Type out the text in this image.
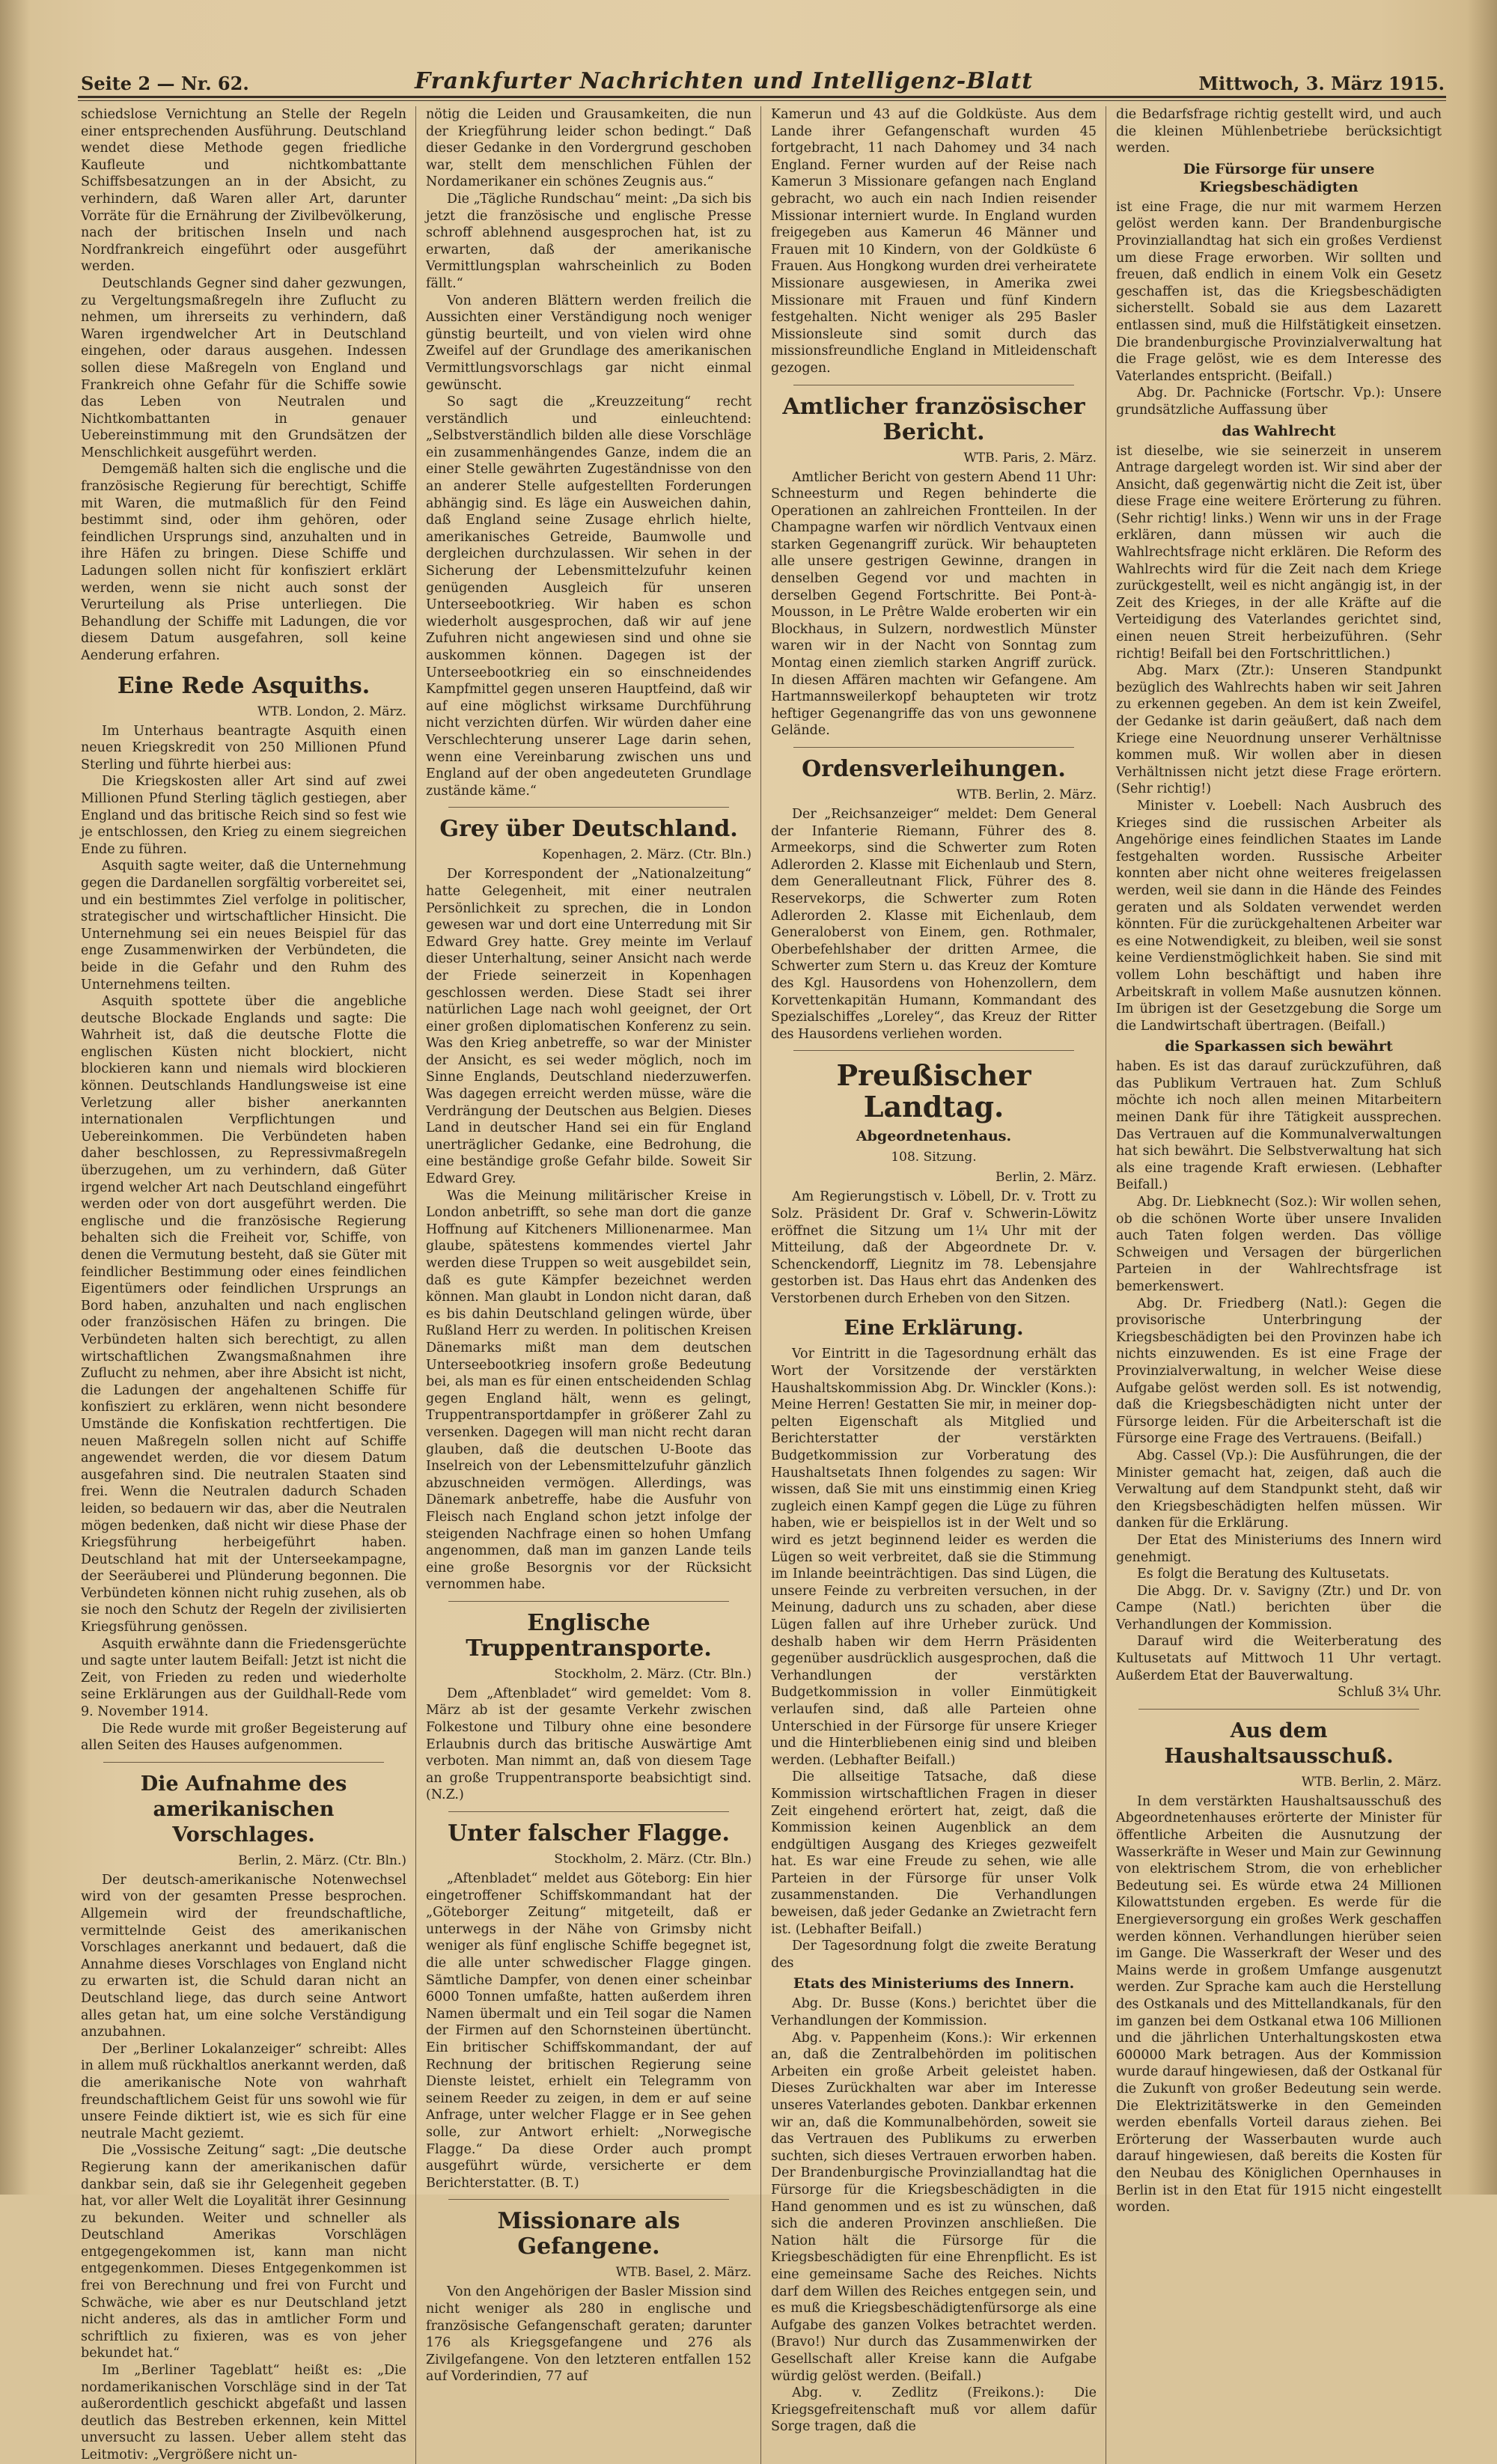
Seite 2 — Nr. 62.	Frankfurter Nachrichten und Intelligenz-Blatt	Mittwoch, 3. März 1915.

schiedslose Vernichtung an Stelle der Regeln einer entsprechenden Ausführung. Deutschland wendet diese Methode gegen friedliche Kaufleute und nichtkombattante Schiffsbesatzungen an in der Absicht, zu verhindern, daß Waren aller Art, darunter Vorräte für die Ernährung der Zivilbevölkerung, nach der britischen Inseln und nach Nordfrankreich eingeführt oder ausgeführt werden.

Deutschlands Gegner sind daher gezwungen, zu Vergeltungsmaßregeln ihre Zuflucht zu nehmen, um ihrerseits zu verhindern, daß Waren irgendwelcher Art in Deutschland eingehen, oder daraus ausgehen. Indessen sollen diese Maßregeln von England und Frankreich ohne Gefahr für die Schiffe sowie das Leben von Neutralen und Nichtkombattanten in genauer Uebereinstimmung mit den Grundsätzen der Menschlichkeit ausgeführt werden.

Demgemäß halten sich die englische und die französische Regierung für berechtigt, Schiffe mit Waren, die mutmaßlich für den Feind bestimmt sind, oder ihm gehören, oder feindlichen Ursprungs sind, anzuhalten und in ihre Häfen zu bringen. Diese Schiffe und Ladungen sollen nicht für konfisziert erklärt werden, wenn sie nicht auch sonst der Verurteilung als Prise unterliegen. Die Behandlung der Schiffe mit Ladungen, die vor diesem Datum ausgefahren, soll keine Aenderung erfahren.

Eine Rede Asquiths.
WTB. London, 2. März.

Im Unterhaus beantragte Asquith einen neuen Kriegskredit von 250 Millionen Pfund Sterling und führte hierbei aus:

Die Kriegskosten aller Art sind auf zwei Millionen Pfund Sterling täglich gestiegen, aber England und das britische Reich sind so fest wie je entschlossen, den Krieg zu einem siegreichen Ende zu führen.

Asquith sagte weiter, daß die Unternehmung gegen die Dardanellen sorgfältig vorbereitet sei, und ein bestimmtes Ziel verfolge in politischer, strategischer und wirtschaftlicher Hinsicht. Die Unternehmung sei ein neues Beispiel für das enge Zusammenwirken der Verbündeten, die beide in die Gefahr und den Ruhm des Unternehmens teilten.

Asquith spottete über die angebliche deutsche Blockade Englands und sagte: Die Wahrheit ist, daß die deutsche Flotte die englischen Küsten nicht blockiert, nicht blockieren kann und niemals wird blockieren können. Deutschlands Handlungsweise ist eine Verletzung aller bisher anerkannten internationalen Verpflichtungen und Uebereinkommen. Die Verbündeten haben daher beschlossen, zu Repressivmaßregeln überzugehen, um zu verhindern, daß Güter irgend welcher Art nach Deutschland eingeführt werden oder von dort ausgeführt werden. Die englische und die französische Regierung behalten sich die Freiheit vor, Schiffe, von denen die Vermutung besteht, daß sie Güter mit feindlicher Bestimmung oder eines feindlichen Eigentümers oder feindlichen Ursprungs an Bord haben, anzuhalten und nach englischen oder französischen Häfen zu bringen. Die Verbündeten halten sich berechtigt, zu allen wirtschaftlichen Zwangsmaßnahmen ihre Zuflucht zu nehmen, aber ihre Absicht ist nicht, die Ladungen der angehaltenen Schiffe für konfisziert zu erklären, wenn nicht besondere Umstände die Konfiskation rechtfertigen. Die neuen Maßregeln sollen nicht auf Schiffe angewendet werden, die vor diesem Datum ausgefahren sind. Die neutralen Staaten sind frei. Wenn die Neutralen dadurch Schaden leiden, so bedauern wir das, aber die Neutralen mögen bedenken, daß nicht wir diese Phase der Kriegsführung herbeigeführt haben. Deutschland hat mit der Unterseekampagne, der Seeräuberei und Plünderung begonnen. Die Verbündeten können nicht ruhig zusehen, als ob sie noch den Schutz der Regeln der zivilisierten Kriegsführung genössen.

Asquith erwähnte dann die Friedensgerüchte und sagte unter lautem Beifall: Jetzt ist nicht die Zeit, von Frieden zu reden und wiederholte seine Erklärungen aus der Guildhall-Rede vom 9. November 1914.

Die Rede wurde mit großer Begeisterung auf allen Seiten des Hauses aufgenommen.

Die Aufnahme des amerikanischen Vorschlages.
Berlin, 2. März. (Ctr. Bln.)

Der deutsch-amerikanische Notenwechsel wird von der gesamten Presse besprochen. Allgemein wird der freundschaftliche, vermittelnde Geist des amerikanischen Vorschlages anerkannt und bedauert, daß die Annahme dieses Vorschlages von England nicht zu erwarten ist, die Schuld daran nicht an Deutschland liege, das durch seine Antwort alles getan hat, um eine solche Verständigung anzubahnen.

Der „Berliner Lokalanzeiger“ schreibt: Alles in allem muß rückhaltlos anerkannt werden, daß die amerikanische Note von wahrhaft freundschaftlichem Geist für uns sowohl wie für unsere Feinde diktiert ist, wie es sich für eine neutrale Macht geziemt.

Die „Vossische Zeitung“ sagt: „Die deutsche Regierung kann der amerikanischen dafür dankbar sein, daß sie ihr Gelegenheit gegeben hat, vor aller Welt die Loyalität ihrer Gesinnung zu bekunden. Weiter und schneller als Deutschland Amerikas Vorschlägen entgegengekommen ist, kann man nicht entgegenkommen. Dieses Entgegenkommen ist frei von Berechnung und frei von Furcht und Schwäche, wie aber es nur Deutschland jetzt nicht anderes, als das in amtlicher Form und schriftlich zu fixieren, was es von jeher bekundet hat.“

Im „Berliner Tageblatt“ heißt es: „Die nordamerikanischen Vorschläge sind in der Tat außerordentlich geschickt abgefaßt und lassen deutlich das Bestreben erkennen, kein Mittel unversucht zu lassen. Ueber allem steht das Leitmotiv: „Vergrößere nicht un-

nötig die Leiden und Grausamkeiten, die nun der Kriegführung leider schon bedingt.“ Daß dieser Gedanke in den Vordergrund geschoben war, stellt dem menschlichen Fühlen der Nordamerikaner ein schönes Zeugnis aus.“

Die „Tägliche Rundschau“ meint: „Da sich bis jetzt die französische und englische Presse schroff ablehnend ausgesprochen hat, ist zu erwarten, daß der amerikanische Vermittlungsplan wahrscheinlich zu Boden fällt.“

Von anderen Blättern werden freilich die Aussichten einer Verständigung noch weniger günstig beurteilt, und von vielen wird ohne Zweifel auf der Grundlage des amerikanischen Vermittlungsvorschlags gar nicht einmal gewünscht.

So sagt die „Kreuzzeitung“ recht verständlich und einleuchtend: „Selbstverständlich bilden alle diese Vorschläge ein zusammenhängendes Ganze, indem die an einer Stelle gewährten Zugeständnisse von den an anderer Stelle aufgestellten Forderungen abhängig sind. Es läge ein Ausweichen dahin, daß England seine Zusage ehrlich hielte, amerikanisches Getreide, Baumwolle und dergleichen durchzulassen. Wir sehen in der Sicherung der Lebensmittelzufuhr keinen genügenden Ausgleich für unseren Unterseebootkrieg. Wir haben es schon wiederholt ausgesprochen, daß wir auf jene Zufuhren nicht angewiesen sind und ohne sie auskommen können. Dagegen ist der Unterseebootkrieg ein so einschneidendes Kampfmittel gegen unseren Hauptfeind, daß wir auf eine möglichst wirksame Durchführung nicht verzichten dürfen. Wir würden daher eine Verschlechterung unserer Lage darin sehen, wenn eine Vereinbarung zwischen uns und England auf der oben angedeuteten Grundlage zustände käme.“

Grey über Deutschland.
Kopenhagen, 2. März. (Ctr. Bln.)

Der Korrespondent der „Nationalzeitung“ hatte Gelegenheit, mit einer neutralen Persönlichkeit zu sprechen, die in London gewesen war und dort eine Unterredung mit Sir Edward Grey hatte. Grey meinte im Verlauf dieser Unterhaltung, seiner Ansicht nach werde der Friede seinerzeit in Kopenhagen geschlossen werden. Diese Stadt sei ihrer natürlichen Lage nach wohl geeignet, der Ort einer großen diplomatischen Konferenz zu sein. Was den Krieg anbetreffe, so war der Minister der Ansicht, es sei weder möglich, noch im Sinne Englands, Deutschland niederzuwerfen. Was dagegen erreicht werden müsse, wäre die Verdrängung der Deutschen aus Belgien. Dieses Land in deutscher Hand sei ein für England unerträglicher Gedanke, eine Bedrohung, die eine beständige große Gefahr bilde. Soweit Sir Edward Grey.

Was die Meinung militärischer Kreise in London anbetrifft, so sehe man dort die ganze Hoffnung auf Kitcheners Millionenarmee. Man glaube, spätestens kommendes viertel Jahr werden diese Truppen so weit ausgebildet sein, daß es gute Kämpfer bezeichnet werden können. Man glaubt in London nicht daran, daß es bis dahin Deutschland gelingen würde, über Rußland Herr zu werden. In politischen Kreisen Dänemarks mißt man dem deutschen Unterseebootkrieg insofern große Bedeutung bei, als man es für einen entscheidenden Schlag gegen England hält, wenn es gelingt, Truppentransportdampfer in größerer Zahl zu versenken. Dagegen will man nicht recht daran glauben, daß die deutschen U-Boote das Inselreich von der Lebensmittelzufuhr gänzlich abzuschneiden vermögen. Allerdings, was Dänemark anbetreffe, habe die Ausfuhr von Fleisch nach England schon jetzt infolge der steigenden Nachfrage einen so hohen Umfang angenommen, daß man im ganzen Lande teils eine große Besorgnis vor der Rücksicht vernommen habe.

Englische Truppentransporte.
Stockholm, 2. März. (Ctr. Bln.)

Dem „Aftenbladet“ wird gemeldet: Vom 8. März ab ist der gesamte Verkehr zwischen Folkestone und Tilbury ohne eine besondere Erlaubnis durch das britische Auswärtige Amt verboten. Man nimmt an, daß von diesem Tage an große Truppentransporte beabsichtigt sind. (N.Z.)

Unter falscher Flagge.
Stockholm, 2. März. (Ctr. Bln.)

„Aftenbladet“ meldet aus Göteborg: Ein hier eingetroffener Schiffskommandant hat der „Göteborger Zeitung“ mitgeteilt, daß er unterwegs in der Nähe von Grimsby nicht weniger als fünf englische Schiffe begegnet ist, die alle unter schwedischer Flagge gingen. Sämtliche Dampfer, von denen einer scheinbar 6000 Tonnen umfaßte, hatten außerdem ihren Namen übermalt und ein Teil sogar die Namen der Firmen auf den Schornsteinen übertüncht. Ein britischer Schiffskommandant, der auf Rechnung der britischen Regierung seine Dienste leistet, erhielt ein Telegramm von seinem Reeder zu zeigen, in dem er auf seine Anfrage, unter welcher Flagge er in See gehen solle, zur Antwort erhielt: „Norwegische Flagge.“ Da diese Order auch prompt ausgeführt würde, versicherte er dem Berichterstatter. (B. T.)

Missionare als Gefangene.
WTB. Basel, 2. März.

Von den Angehörigen der Basler Mission sind nicht weniger als 280 in englische und französische Gefangenschaft geraten; darunter 176 als Kriegsgefangene und 276 als Zivilgefangene. Von den letzteren entfallen 152 auf Vorderindien, 77 auf

Kamerun und 43 auf die Goldküste. Aus dem Lande ihrer Gefangenschaft wurden 45 fortgebracht, 11 nach Dahomey und 34 nach England. Ferner wurden auf der Reise nach Kamerun 3 Missionare gefangen nach England gebracht, wo auch ein nach Indien reisender Missionar interniert wurde. In England wurden freigegeben aus Kamerun 46 Männer und Frauen mit 10 Kindern, von der Goldküste 6 Frauen. Aus Hongkong wurden drei verheiratete Missionare ausgewiesen, in Amerika zwei Missionare mit Frauen und fünf Kindern festgehalten. Nicht weniger als 295 Basler Missionsleute sind somit durch das missionsfreundliche England in Mitleidenschaft gezogen.

Amtlicher französischer Bericht.
WTB. Paris, 2. März.

Amtlicher Bericht von gestern Abend 11 Uhr: Schneesturm und Regen behinderte die Operationen an zahlreichen Frontteilen. In der Champagne warfen wir nördlich Ventvaux einen starken Gegenangriff zurück. Wir behaupteten alle unsere gestrigen Gewinne, drangen in denselben Gegend vor und machten in derselben Gegend Fortschritte. Bei Pont-à-Mousson, in Le Prêtre Walde eroberten wir ein Blockhaus, in Sulzern, nordwestlich Münster waren wir in der Nacht von Sonntag zum Montag einen ziemlich starken Angriff zurück. In diesen Affären machten wir Gefangene. Am Hartmannsweilerkopf behaupteten wir trotz heftiger Gegenangriffe das von uns gewonnene Gelände.

Ordensverleihungen.
WTB. Berlin, 2. März.

Der „Reichsanzeiger“ meldet: Dem General der Infanterie Riemann, Führer des 8. Armeekorps, sind die Schwerter zum Roten Adlerorden 2. Klasse mit Eichenlaub und Stern, dem Generalleutnant Flick, Führer des 8. Reservekorps, die Schwerter zum Roten Adlerorden 2. Klasse mit Eichenlaub, dem Generaloberst von Einem, gen. Rothmaler, Oberbefehlshaber der dritten Armee, die Schwerter zum Stern u. das Kreuz der Komture des Kgl. Hausordens von Hohenzollern, dem Korvettenkapitän Humann, Kommandant des Spezialschiffes „Loreley“, das Kreuz der Ritter des Hausordens verliehen worden.

Preußischer Landtag.
Abgeordnetenhaus.
108. Sitzung.
Berlin, 2. März.

Am Regierungstisch v. Löbell, Dr. v. Trott zu Solz. Präsident Dr. Graf v. Schwerin-Löwitz eröffnet die Sitzung um 1¼ Uhr mit der Mitteilung, daß der Abgeordnete Dr. v. Schenckendorff, Liegnitz im 78. Lebensjahre gestorben ist. Das Haus ehrt das Andenken des Verstorbenen durch Erheben von den Sitzen.

Eine Erklärung.

Vor Eintritt in die Tagesordnung erhält das Wort der Vorsitzende der verstärkten Haushaltskommission Abg. Dr. Winckler (Kons.): Meine Herren! Gestatten Sie mir, in meiner dop- pelten Eigenschaft als Mitglied und Berichterstatter der verstärkten Budgetkommission zur Vorberatung des Haushaltsetats Ihnen folgendes zu sagen: Wir wissen, daß Sie mit uns einstimmig einen Krieg zugleich einen Kampf gegen die Lüge zu führen haben, wie er beispiellos ist in der Welt und so wird es jetzt beginnend leider es werden die Lügen so weit verbreitet, daß sie die Stimmung im Inlande beeinträchtigen. Das sind Lügen, die unsere Feinde zu verbreiten versuchen, in der Meinung, dadurch uns zu schaden, aber diese Lügen fallen auf ihre Urheber zurück. Und deshalb haben wir dem Herrn Präsidenten gegenüber ausdrücklich ausgesprochen, daß die Verhandlungen der verstärkten Budgetkommission in voller Einmütigkeit verlaufen sind, daß alle Parteien ohne Unterschied in der Fürsorge für unsere Krieger und die Hinterbliebenen einig sind und bleiben werden. (Lebhafter Beifall.)

Die allseitige Tatsache, daß diese Kommission wirtschaftlichen Fragen in dieser Zeit eingehend erörtert hat, zeigt, daß die Kommission keinen Augenblick an dem endgültigen Ausgang des Krieges gezweifelt hat. Es war eine Freude zu sehen, wie alle Parteien in der Fürsorge für unser Volk zusammenstanden. Die Verhandlungen beweisen, daß jeder Gedanke an Zwietracht fern ist. (Lebhafter Beifall.)

Der Tagesordnung folgt die zweite Beratung des

Etats des Ministeriums des Innern.

Abg. Dr. Busse (Kons.) berichtet über die Verhandlungen der Kommission.

Abg. v. Pappenheim (Kons.): Wir erkennen an, daß die Zentralbehörden im politischen Arbeiten ein große Arbeit geleistet haben. Dieses Zurückhalten war aber im Interesse unseres Vaterlandes geboten. Dankbar erkennen wir an, daß die Kommunalbehörden, soweit sie das Vertrauen des Publikums zu erwerben suchten, sich dieses Vertrauen erworben haben. Der Brandenburgische Provinziallandtag hat die Fürsorge für die Kriegsbeschädigten in die Hand genommen und es ist zu wünschen, daß sich die anderen Provinzen anschließen. Die Nation hält die Fürsorge für die Kriegsbeschädigten für eine Ehrenpflicht. Es ist eine gemeinsame Sache des Reiches. Nichts darf dem Willen des Reiches entgegen sein, und es muß die Kriegsbeschädigtenfürsorge als eine Aufgabe des ganzen Volkes betrachtet werden. (Bravo!) Nur durch das Zusammenwirken der Gesellschaft aller Kreise kann die Aufgabe würdig gelöst werden. (Beifall.)

Abg. v. Zedlitz (Freikons.): Die Kriegsgefreitenschaft muß vor allem dafür Sorge tragen, daß die

die Bedarfsfrage richtig gestellt wird, und auch die kleinen Mühlenbetriebe berücksichtigt werden.

Die Fürsorge für unsere Kriegsbeschädigten

ist eine Frage, die nur mit warmem Herzen gelöst werden kann. Der Brandenburgische Provinziallandtag hat sich ein großes Verdienst um diese Frage erworben. Wir sollten und freuen, daß endlich in einem Volk ein Gesetz geschaffen ist, das die Kriegsbeschädigten sicherstellt. Sobald sie aus dem Lazarett entlassen sind, muß die Hilfstätigkeit einsetzen. Die brandenburgische Provinzialverwaltung hat die Frage gelöst, wie es dem Interesse des Vaterlandes entspricht. (Beifall.)

Abg. Dr. Pachnicke (Fortschr. Vp.): Unsere grundsätzliche Auffassung über

das Wahlrecht

ist dieselbe, wie sie seinerzeit in unserem Antrage dargelegt worden ist. Wir sind aber der Ansicht, daß gegenwärtig nicht die Zeit ist, über diese Frage eine weitere Erörterung zu führen. (Sehr richtig! links.) Wenn wir uns in der Frage erklären, dann müssen wir auch die Wahlrechtsfrage nicht erklären. Die Reform des Wahlrechts wird für die Zeit nach dem Kriege zurückgestellt, weil es nicht angängig ist, in der Zeit des Krieges, in der alle Kräfte auf die Verteidigung des Vaterlandes gerichtet sind, einen neuen Streit herbeizuführen. (Sehr richtig! Beifall bei den Fortschrittlichen.)

Abg. Marx (Ztr.): Unseren Standpunkt bezüglich des Wahlrechts haben wir seit Jahren zu erkennen gegeben. An dem ist kein Zweifel, der Gedanke ist darin geäußert, daß nach dem Kriege eine Neuordnung unserer Verhältnisse kommen muß. Wir wollen aber in diesen Verhältnissen nicht jetzt diese Frage erörtern. (Sehr richtig!)

Minister v. Loebell: Nach Ausbruch des Krieges sind die russischen Arbeiter als Angehörige eines feindlichen Staates im Lande festgehalten worden. Russische Arbeiter konnten aber nicht ohne weiteres freigelassen werden, weil sie dann in die Hände des Feindes geraten und als Soldaten verwendet werden könnten. Für die zurückgehaltenen Arbeiter war es eine Notwendigkeit, zu bleiben, weil sie sonst keine Verdienstmöglichkeit haben. Sie sind mit vollem Lohn beschäftigt und haben ihre Arbeitskraft in vollem Maße ausnutzen können. Im übrigen ist der Gesetzgebung die Sorge um die Landwirtschaft übertragen. (Beifall.)

die Sparkassen sich bewährt

haben. Es ist das darauf zurückzuführen, daß das Publikum Vertrauen hat. Zum Schluß möchte ich noch allen meinen Mitarbeitern meinen Dank für ihre Tätigkeit aussprechen. Das Vertrauen auf die Kommunalverwaltungen hat sich bewährt. Die Selbstverwaltung hat sich als eine tragende Kraft erwiesen. (Lebhafter Beifall.)

Abg. Dr. Liebknecht (Soz.): Wir wollen sehen, ob die schönen Worte über unsere Invaliden auch Taten folgen werden. Das völlige Schweigen und Versagen der bürgerlichen Parteien in der Wahlrechtsfrage ist bemerkenswert.

Abg. Dr. Friedberg (Natl.): Gegen die provisorische Unterbringung der Kriegsbeschädigten bei den Provinzen habe ich nichts einzuwenden. Es ist eine Frage der Provinzialverwaltung, in welcher Weise diese Aufgabe gelöst werden soll. Es ist notwendig, daß die Kriegsbeschädigten nicht unter der Fürsorge leiden. Für die Arbeiterschaft ist die Fürsorge eine Frage des Vertrauens. (Beifall.)

Abg. Cassel (Vp.): Die Ausführungen, die der Minister gemacht hat, zeigen, daß auch die Verwaltung auf dem Standpunkt steht, daß wir den Kriegsbeschädigten helfen müssen. Wir danken für die Erklärung.

Der Etat des Ministeriums des Innern wird genehmigt.

Es folgt die Beratung des Kultusetats.

Die Abgg. Dr. v. Savigny (Ztr.) und Dr. von Campe (Natl.) berichten über die Verhandlungen der Kommission.

Darauf wird die Weiterberatung des Kultusetats auf Mittwoch 11 Uhr vertagt. Außerdem Etat der Bauverwaltung.

Schluß 3¼ Uhr.

Aus dem Haushaltsausschuß.
WTB. Berlin, 2. März.

In dem verstärkten Haushaltsausschuß des Abgeordnetenhauses erörterte der Minister für öffentliche Arbeiten die Ausnutzung der Wasserkräfte in Weser und Main zur Gewinnung von elektrischem Strom, die von erheblicher Bedeutung sei. Es würde etwa 24 Millionen Kilowattstunden ergeben. Es werde für die Energieversorgung ein großes Werk geschaffen werden können. Verhandlungen hierüber seien im Gange. Die Wasserkraft der Weser und des Mains werde in großem Umfange ausgenutzt werden. Zur Sprache kam auch die Herstellung des Ostkanals und des Mittellandkanals, für den im ganzen bei dem Ostkanal etwa 106 Millionen und die jährlichen Unterhaltungskosten etwa 600000 Mark betragen. Aus der Kommission wurde darauf hingewiesen, daß der Ostkanal für die Zukunft von großer Bedeutung sein werde. Die Elektrizitätswerke in den Gemeinden werden ebenfalls Vorteil daraus ziehen. Bei Erörterung der Wasserbauten wurde auch darauf hingewiesen, daß bereits die Kosten für den Neubau des Königlichen Opernhauses in Berlin ist in den Etat für 1915 nicht eingestellt worden.
